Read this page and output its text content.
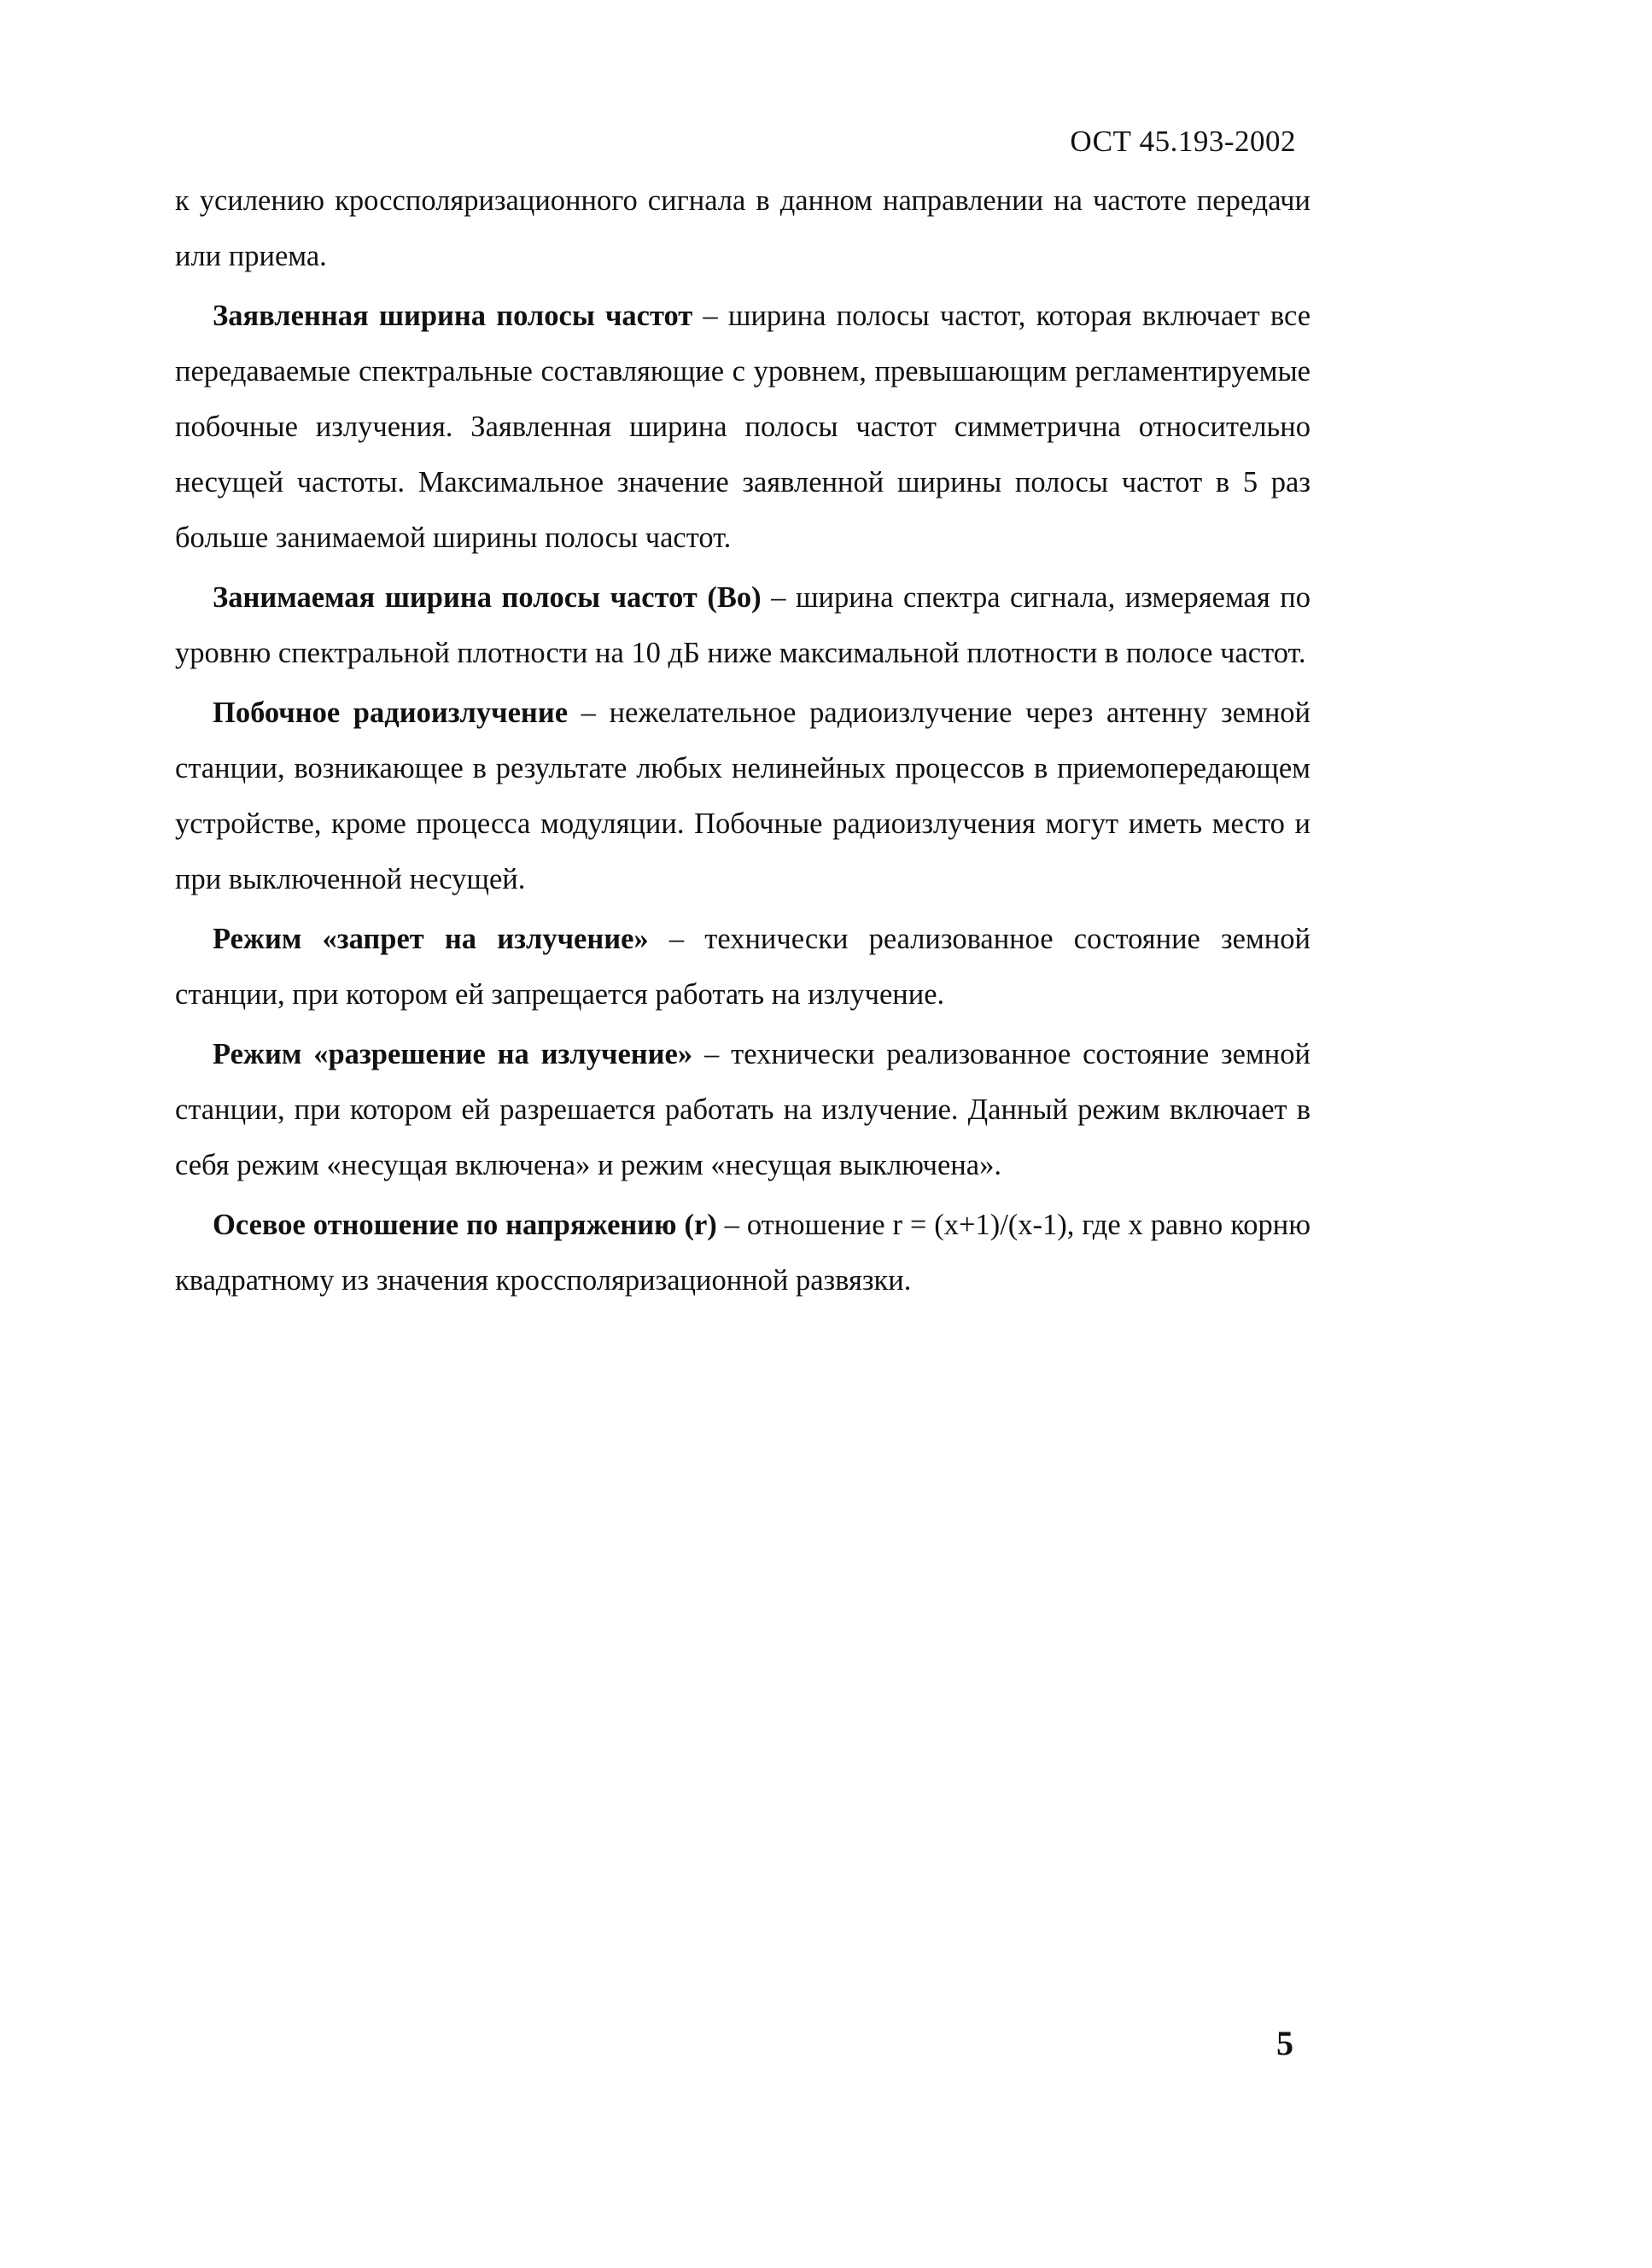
ОСТ 45.193-2002

к усилению кроссполяризационного сигнала в данном направлении на частоте передачи или приема.

Заявленная ширина полосы частот – ширина полосы частот, которая включает все передаваемые спектральные составляющие с уровнем, превышающим регламентируемые побочные излучения. Заявленная ширина полосы частот симметрична относительно несущей частоты. Максимальное значение заявленной ширины полосы частот в 5 раз больше занимаемой ширины полосы частот.

Занимаемая ширина полосы частот (Во) – ширина спектра сигнала, измеряемая по уровню спектральной плотности на 10 дБ ниже максимальной плотности в полосе частот.

Побочное радиоизлучение – нежелательное радиоизлучение через антенну земной станции, возникающее в результате любых нелинейных процессов в приемопередающем устройстве, кроме процесса модуляции. Побочные радиоизлучения могут иметь место и при выключенной несущей.

Режим «запрет на излучение» – технически реализованное состояние земной станции, при котором ей запрещается работать на излучение.

Режим «разрешение на излучение» – технически реализованное состояние земной станции, при котором ей разрешается работать на излучение. Данный режим включает в себя режим «несущая включена» и режим «несущая выключена».

Осевое отношение по напряжению (r) – отношение r = (x+1)/(x-1), где x равно корню квадратному из значения кроссполяризационной развязки.

5
